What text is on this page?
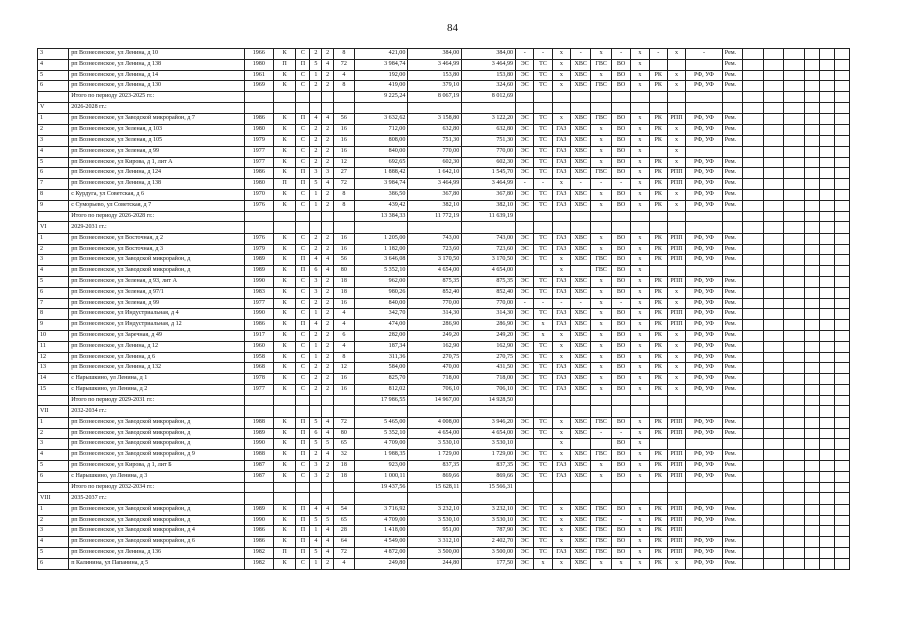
84
3	рп Вознесенское, ул Ленина, д 10	1966	К	С	2	2	8	421,00	384,00	384,00	-	-	x	-	x	-	x	-	x	-	Рем.						
4	рп Вознесенское, ул Ленина, д 138	1980	П	П	5	4	72	3 984,74	3 464,99	3 464,99	ЭС	ТС	x	ХВС	ГВС	ВО	x				Рем.						
5	рп Вознесенское, ул Ленина, д 14	1961	К	С	1	2	4	192,00	153,80	153,80	ЭС	ТС	x	ХВС	x	ВО	x	РК	x	РФ, УФ	Рем.						
6	рп Вознесенское, ул Ленина, д 130	1969	К	С	2	2	8	419,00	379,10	324,60	ЭС	ТС	x	ХВС	ГВС	ВО	x	РК	x	РФ, УФ	Рем.						
	Итого по периоду 2023-2025 гг.:							9 225,24	8 067,19	8 012,69																	
V	2026-2028 гг.:																										
1	рп Вознесенское, ул Заводской микрорайон, д 7	1986	К	П	4	4	56	3 632,62	3 158,80	3 122,20	ЭС	ТС	x	ХВС	ГВС	ВО	x	РК	РПП	РФ, УФ	Рем.						
2	рп Вознесенское, ул Зеленая, д 103	1980	К	С	2	2	16	712,00	632,80	632,80	ЭС	ТС	ГАЗ	ХВС	x	ВО	x	РК	x	РФ, УФ	Рем.						
3	рп Вознесенское, ул Зеленая, д 105	1979	К	С	2	2	16	808,00	751,30	751,30	ЭС	ТС	ГАЗ	ХВС	x	ВО	x	РК	x	РФ, УФ	Рем.						
4	рп Вознесенское, ул Зеленая, д 99	1977	К	С	2	2	16	840,00	770,00	770,00	ЭС	ТС	ГАЗ	ХВС	x	ВО	x		x								
5	рп Вознесенское, ул Кирова, д 1, лит А	1977	К	С	2	2	12	692,65	602,30	602,30	ЭС	ТС	ГАЗ	ХВС	x	ВО	x	РК	x	РФ, УФ	Рем.						
6	рп Вознесенское, ул Ленина, д 124	1986	К	П	3	3	27	1 888,42	1 642,10	1 545,70	ЭС	ТС	ГАЗ	ХВС	ГВС	ВО	x	РК	РПП	РФ, УФ	Рем.						
7	рп Вознесенское, ул Ленина, д 138	1980	П	П	5	4	72	3 984,74	3 464,99	3 464,99	-	-	x	-	-	-	x	РК	РПП	РФ, УФ	Рем.						
8	с Курдуга, ул Советская, д 6	1970	К	С	1	2	8	386,50	367,80	367,80	ЭС	ТС	ГАЗ	ХВС	x	ВО	x	РК	x	РФ, УФ	Рем.						
9	с Суморьево, ул Советская, д 7	1976	К	С	1	2	8	439,42	382,10	382,10	ЭС	ТС	ГАЗ	ХВС	x	ВО	x	РК	x	РФ, УФ	Рем.						
	Итого по периоду 2026-2028 гг.:							13 384,33	11 772,19	11 639,19																	
VI	2029-2031 гг.:																										
1	рп Вознесенское, ул Восточная, д 2	1976	К	С	2	2	16	1 205,00	743,00	743,00	ЭС	ТС	ГАЗ	ХВС	x	ВО	x	РК	РПП	РФ, УФ	Рем.						
2	рп Вознесенское, ул Восточная, д 3	1979	К	С	2	2	16	1 182,00	723,60	723,60	ЭС	ТС	ГАЗ	ХВС	x	ВО	x	РК	РПП	РФ, УФ	Рем.						
3	рп Вознесенское, ул Заводской микрорайон, д	1989	К	П	4	4	56	3 646,08	3 170,50	3 170,50	ЭС	ТС	x	ХВС	ГВС	ВО	x	РК	РПП	РФ, УФ	Рем.						
4	рп Вознесенское, ул Заводской микрорайон, д	1989	К	П	6	4	80	5 352,10	4 654,00	4 654,00			x		ГВС	ВО	x										
5	рп Вознесенское, ул Зеленая, д 93, лит А	1990	К	С	3	2	18	962,00	875,35	875,35	ЭС	ТС	ГАЗ	ХВС	x	ВО	x	РК	РПП	РФ, УФ	Рем.						
6	рп Вознесенское, ул Зеленая, д 97/1	1983	К	С	3	2	18	980,26	852,40	852,40	ЭС	ТС	ГАЗ	ХВС	x	ВО	x	РК	x	РФ, УФ	Рем.						
7	рп Вознесенское, ул Зеленая, д 99	1977	К	С	2	2	16	840,00	770,00	770,00	-	-	-	-	x	-	x	РК	x	РФ, УФ	Рем.						
8	рп Вознесенское, ул Индустриальная, д 4	1990	К	С	1	2	4	342,70	314,30	314,30	ЭС	ТС	ГАЗ	ХВС	x	ВО	x	РК	РПП	РФ, УФ	Рем.						
9	рп Вознесенское, ул Индустриальная, д 12	1986	К	П	4	2	4	474,00	286,90	286,90	ЭС	x	ГАЗ	ХВС	x	ВО	x	РК	РПП	РФ, УФ	Рем.						
10	рп Вознесенское, ул Заречная, д 49	1917	К	С	2	2	6	282,00	249,20	249,20	ЭС	x	x	ХВС	x	ВО	x	РК	x	РФ, УФ	Рем.						
11	рп Вознесенское, ул Ленина, д 12	1960	К	С	1	2	4	187,34	162,90	162,90	ЭС	ТС	x	ХВС	x	ВО	x	РК	x	РФ, УФ	Рем.						
12	рп Вознесенское, ул Ленина, д 6	1958	К	С	1	2	8	311,36	270,75	270,75	ЭС	ТС	x	ХВС	x	ВО	x	РК	x	РФ, УФ	Рем.						
13	рп Вознесенское, ул Ленина, д 132	1968	К	С	2	2	12	584,00	470,00	431,50	ЭС	ТС	ГАЗ	ХВС	x	ВО	x	РК	x	РФ, УФ	Рем.						
14	с Нарышкино, ул Ленина, д 1	1978	К	С	2	2	16	825,70	718,00	718,00	ЭС	ТС	ГАЗ	ХВС	x	ВО	x	РК	x	РФ, УФ	Рем.						
15	с Нарышкино, ул Ленина, д 2	1977	К	С	2	2	16	812,02	706,10	706,10	ЭС	ТС	ГАЗ	ХВС	x	ВО	x	РК	x	РФ, УФ	Рем.						
	Итого по периоду 2029-2031 гг.:							17 986,55	14 967,00	14 928,50																	
VII	2032-2034 гг.:																										
1	рп Вознесенское, ул Заводской микрорайон, д	1988	К	П	5	4	72	5 465,00	4 008,00	3 946,20	ЭС	ТС	x	ХВС	ГВС	ВО	x	РК	РПП	РФ, УФ	Рем.						
2	рп Вознесенское, ул Заводской микрорайон, д	1989	К	П	6	4	80	5 352,10	4 654,00	4 654,00	ЭС	ТС	x	ХВС	-	-	x	РК	РПП	РФ, УФ	Рем.						
3	рп Вознесенское, ул Заводской микрорайон, д	1990	К	П	5	5	65	4 709,00	3 530,10	3 530,10			x			ВО	x										
4	рп Вознесенское, ул Заводской микрорайон, д 9	1988	К	П	2	4	32	1 988,35	1 729,00	1 729,00	ЭС	ТС	x	ХВС	ГВС	ВО	x	РК	РПП	РФ, УФ	Рем.						
5	рп Вознесенское, ул Кирова, д 1, лит Б	1987	К	С	3	2	18	923,00	837,35	837,35	ЭС	ТС	ГАЗ	ХВС	x	ВО	x	РК	РПП	РФ, УФ	Рем.						
6	с Нарышкино, ул Ленина, д 3	1987	К	С	3	2	18	1 000,11	869,66	869,66	ЭС	ТС	ГАЗ	ХВС	x	ВО	x	РК	РПП	РФ, УФ	Рем.						
	Итого по периоду 2032-2034 гг.:							19 437,56	15 628,11	15 566,31																	
VIII	2035-2037 гг.:																										
1	рп Вознесенское, ул Заводской микрорайон, д	1989	К	П	4	4	54	3 716,92	3 232,10	3 232,10	ЭС	ТС	x	ХВС	ГВС	ВО	x	РК	РПП	РФ, УФ	Рем.						
2	рп Вознесенское, ул Заводской микрорайон, д	1990	К	П	5	5	65	4 709,00	3 530,10	3 530,10	ЭС	ТС	x	ХВС	ГВС	-	x	РК	РПП	РФ, УФ	Рем.						
3	рп Вознесенское, ул Заводской микрорайон, д 4	1986	К	П	1	4	28	1 418,00	951,00	787,90	ЭС	ТС	x	ХВС	ГВС	ВО	x	РК	РПП								
4	рп Вознесенское, ул Заводской микрорайон, д 6	1986	К	П	4	4	64	4 549,00	3 312,10	2 402,70	ЭС	ТС	x	ХВС	ГВС	ВО	x	РК	РПП	РФ, УФ	Рем.						
5	рп Вознесенское, ул Ленина, д 136	1982	П	П	5	4	72	4 872,00	3 500,00	3 500,00	ЭС	ТС	ГАЗ	ХВС	ГВС	ВО	x	РК	РПП	РФ, УФ	Рем.						
6	п Калинина, ул Папанина, д 5	1982	К	С	1	2	4	249,80	244,80	177,50	ЭС	x	x	ХВС	x	x	x	РК	x	РФ, УФ	Рем.						
